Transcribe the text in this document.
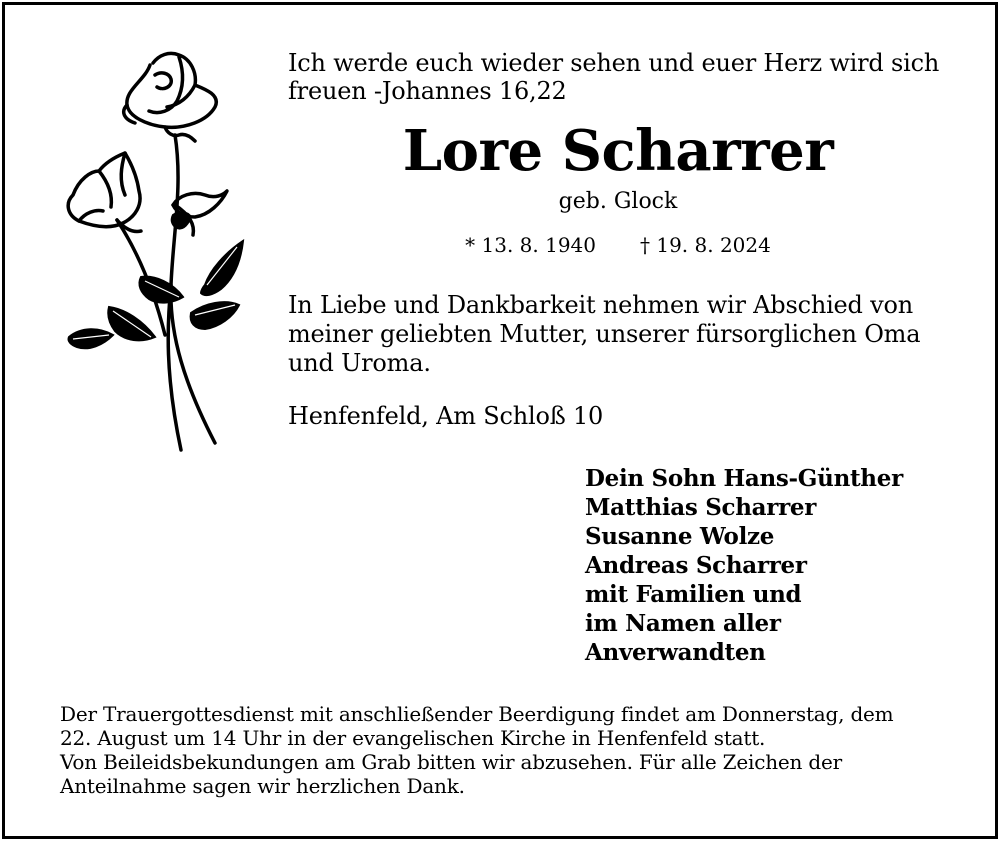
Ich werde euch wieder sehen und euer Herz wird sich
freuen -Johannes 16,22
Lore Scharrer
geb. Glock
* 13. 8. 1940 † 19. 8. 2024
In Liebe und Dankbarkeit nehmen wir Abschied von
meiner geliebten Mutter, unserer fürsorglichen Oma
und Uroma.
Henfenfeld, Am Schloß 10
Dein Sohn Hans-Günther
Matthias Scharrer
Susanne Wolze
Andreas Scharrer
mit Familien und
im Namen aller
Anverwandten
Der Trauergottesdienst mit anschließender Beerdigung findet am Donnerstag, dem
22. August um 14 Uhr in der evangelischen Kirche in Henfenfeld statt.
Von Beileidsbekundungen am Grab bitten wir abzusehen. Für alle Zeichen der
Anteilnahme sagen wir herzlichen Dank.
